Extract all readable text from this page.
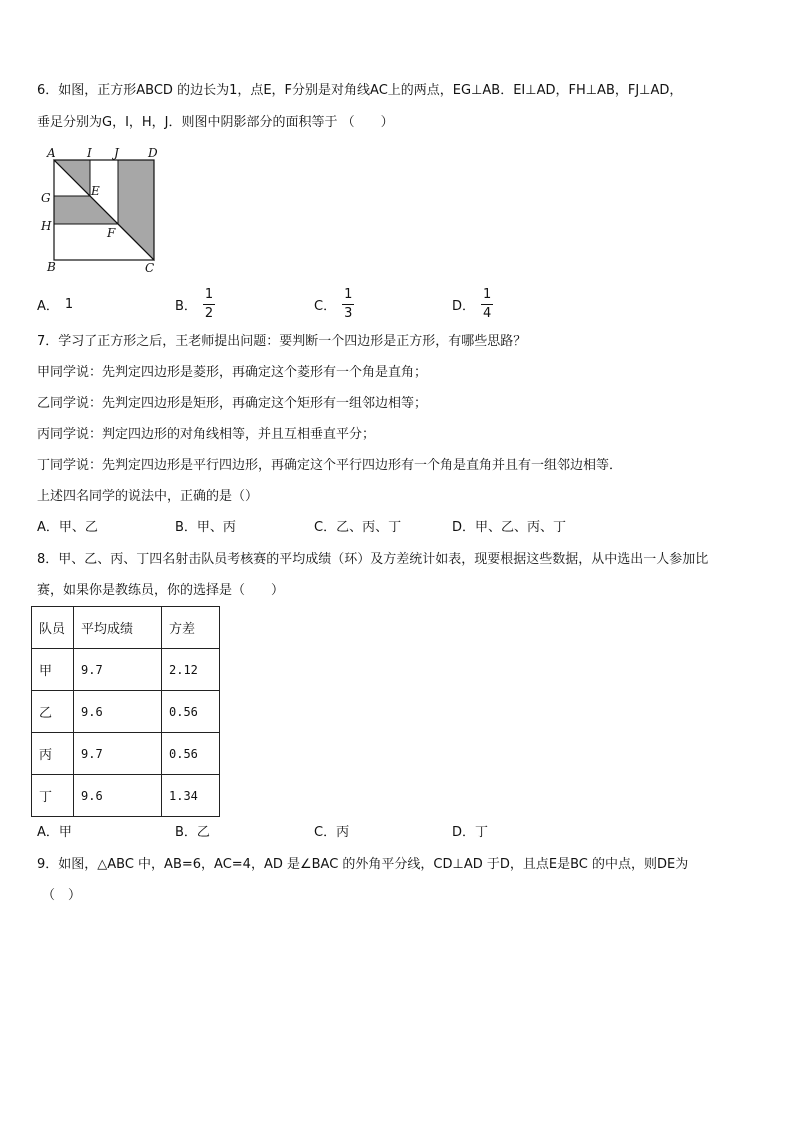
6．如图，正方形ABCD 的边长为1，点E，F分别是对角线AC上的两点，EG⊥AB．EI⊥AD，FH⊥AB，FJ⊥AD，
垂足分别为G，I，H，J．则图中阴影部分的面积等于 （　　）
A	I J D
E
G
H	F
B	C
A． 1	B． $\frac{1}{2}$	C． $\frac{1}{3}$	D． $\frac{1}{4}$
7．学习了正方形之后，王老师提出问题：要判断一个四边形是正方形，有哪些思路？
甲同学说：先判定四边形是菱形，再确定这个菱形有一个角是直角；
乙同学说：先判定四边形是矩形，再确定这个矩形有一组邻边相等；
丙同学说：判定四边形的对角线相等，并且互相垂直平分；
丁同学说：先判定四边形是平行四边形，再确定这个平行四边形有一个角是直角并且有一组邻边相等．
上述四名同学的说法中，正确的是（）
A．甲、乙	B．甲、丙	C．乙、丙、丁	D．甲、乙、丙、丁
8．甲、乙、丙、丁四名射击队员考核赛的平均成绩（环）及方差统计如表，现要根据这些数据，从中选出一人参加比
赛，如果你是教练员，你的选择是（　　）
队员	平均成绩	方差
甲	9.7	2.12
乙	9.6	0.56
丙	9.7	0.56
丁	9.6	1.34
A．甲	B．乙	C．丙	D．丁
9．如图，△ABC 中，AB=6，AC=4，AD 是∠BAC 的外角平分线，CD⊥AD 于D，且点E是BC 的中点，则DE为
（　）
